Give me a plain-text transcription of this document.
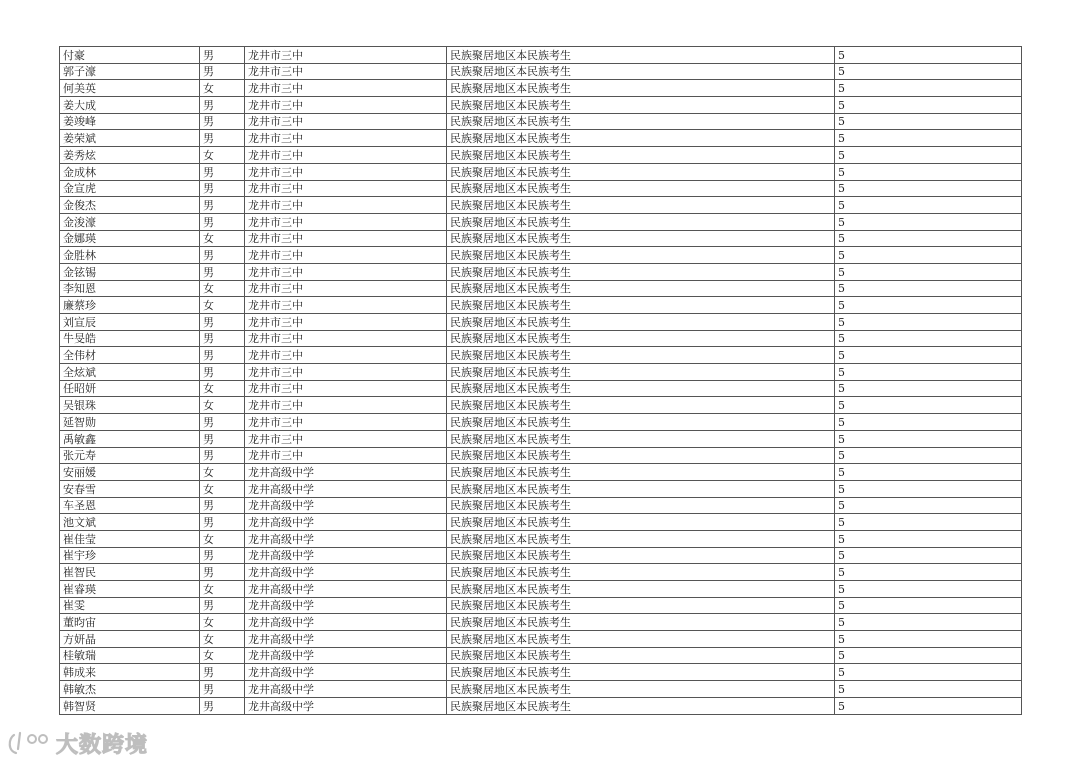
付豪	男	龙井市三中	民族聚居地区本民族考生	5
郭子濠	男	龙井市三中	民族聚居地区本民族考生	5
何美英	女	龙井市三中	民族聚居地区本民族考生	5
姜大成	男	龙井市三中	民族聚居地区本民族考生	5
姜竣峰	男	龙井市三中	民族聚居地区本民族考生	5
姜荣斌	男	龙井市三中	民族聚居地区本民族考生	5
姜秀炫	女	龙井市三中	民族聚居地区本民族考生	5
金成林	男	龙井市三中	民族聚居地区本民族考生	5
金宣虎	男	龙井市三中	民族聚居地区本民族考生	5
金俊杰	男	龙井市三中	民族聚居地区本民族考生	5
金浚濠	男	龙井市三中	民族聚居地区本民族考生	5
金娜瑛	女	龙井市三中	民族聚居地区本民族考生	5
金胜林	男	龙井市三中	民族聚居地区本民族考生	5
金铉锡	男	龙井市三中	民族聚居地区本民族考生	5
李知恩	女	龙井市三中	民族聚居地区本民族考生	5
廉蔡珍	女	龙井市三中	民族聚居地区本民族考生	5
刘宣辰	男	龙井市三中	民族聚居地区本民族考生	5
牛旻皓	男	龙井市三中	民族聚居地区本民族考生	5
全伟材	男	龙井市三中	民族聚居地区本民族考生	5
全炫斌	男	龙井市三中	民族聚居地区本民族考生	5
任昭妍	女	龙井市三中	民族聚居地区本民族考生	5
吴银珠	女	龙井市三中	民族聚居地区本民族考生	5
延智勋	男	龙井市三中	民族聚居地区本民族考生	5
禹敏鑫	男	龙井市三中	民族聚居地区本民族考生	5
张元寿	男	龙井市三中	民族聚居地区本民族考生	5
安丽媛	女	龙井高级中学	民族聚居地区本民族考生	5
安春雪	女	龙井高级中学	民族聚居地区本民族考生	5
车圣恩	男	龙井高级中学	民族聚居地区本民族考生	5
池文斌	男	龙井高级中学	民族聚居地区本民族考生	5
崔佳莹	女	龙井高级中学	民族聚居地区本民族考生	5
崔宇珍	男	龙井高级中学	民族聚居地区本民族考生	5
崔智民	男	龙井高级中学	民族聚居地区本民族考生	5
崔睿瑛	女	龙井高级中学	民族聚居地区本民族考生	5
崔雯	男	龙井高级中学	民族聚居地区本民族考生	5
董昀宙	女	龙井高级中学	民族聚居地区本民族考生	5
方妍晶	女	龙井高级中学	民族聚居地区本民族考生	5
桂敏瑞	女	龙井高级中学	民族聚居地区本民族考生	5
韩成来	男	龙井高级中学	民族聚居地区本民族考生	5
韩敏杰	男	龙井高级中学	民族聚居地区本民族考生	5
韩智贤	男	龙井高级中学	民族聚居地区本民族考生	5
大数跨境
